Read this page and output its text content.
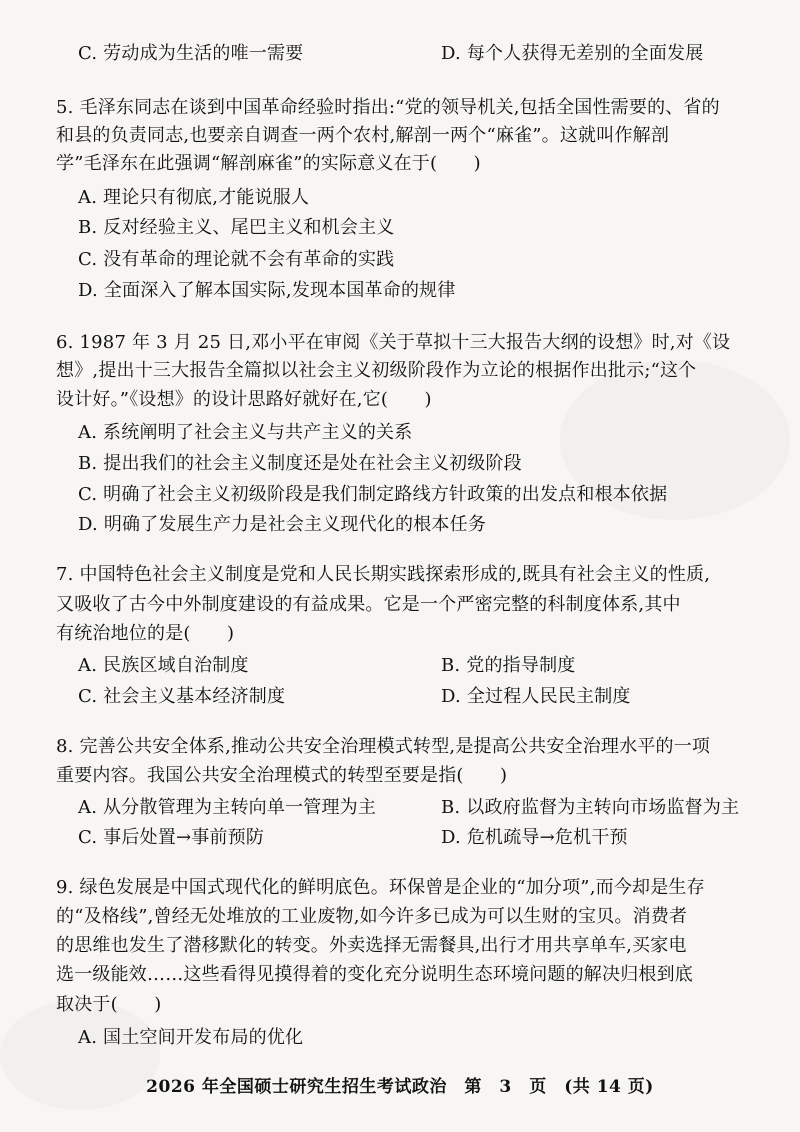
C. 劳动成为生活的唯一需要	D. 每个人获得无差别的全面发展
5. 毛泽东同志在谈到中国革命经验时指出:“党的领导机关,包括全国性需要的、省的
和县的负责同志,也要亲自调查一两个农村,解剖一两个“麻雀”。这就叫作解剖
学”毛泽东在此强调“解剖麻雀”的实际意义在于(　　)
A. 理论只有彻底,才能说服人
B. 反对经验主义、尾巴主义和机会主义
C. 没有革命的理论就不会有革命的实践
D. 全面深入了解本国实际,发现本国革命的规律
6. 1987 年 3 月 25 日,邓小平在审阅《关于草拟十三大报告大纲的设想》时,对《设
想》,提出十三大报告全篇拟以社会主义初级阶段作为立论的根据作出批示;“这个
设计好。”《设想》的设计思路好就好在,它(　　)
A. 系统阐明了社会主义与共产主义的关系
B. 提出我们的社会主义制度还是处在社会主义初级阶段
C. 明确了社会主义初级阶段是我们制定路线方针政策的出发点和根本依据
D. 明确了发展生产力是社会主义现代化的根本任务
7. 中国特色社会主义制度是党和人民长期实践探索形成的,既具有社会主义的性质,
又吸收了古今中外制度建设的有益成果。它是一个严密完整的科制度体系,其中
有统治地位的是(　　)
A. 民族区域自治制度	B. 党的指导制度
C. 社会主义基本经济制度	D. 全过程人民民主制度
8. 完善公共安全体系,推动公共安全治理模式转型,是提高公共安全治理水平的一项
重要内容。我国公共安全治理模式的转型至要是指(　　)
A. 从分散管理为主转向单一管理为主	B. 以政府监督为主转向市场监督为主
C. 事后处置→事前预防	D. 危机疏导→危机干预
9. 绿色发展是中国式现代化的鲜明底色。环保曾是企业的“加分项”,而今却是生存
的“及格线”,曾经无处堆放的工业废物,如今许多已成为可以生财的宝贝。消费者
的思维也发生了潜移默化的转变。外卖选择无需餐具,出行才用共享单车,买家电
选一级能效……这些看得见摸得着的变化充分说明生态环境问题的解决归根到底
取决于(　　)
A. 国土空间开发布局的优化
2026 年全国硕士研究生招生考试政治　第　3　页　(共 14 页)
